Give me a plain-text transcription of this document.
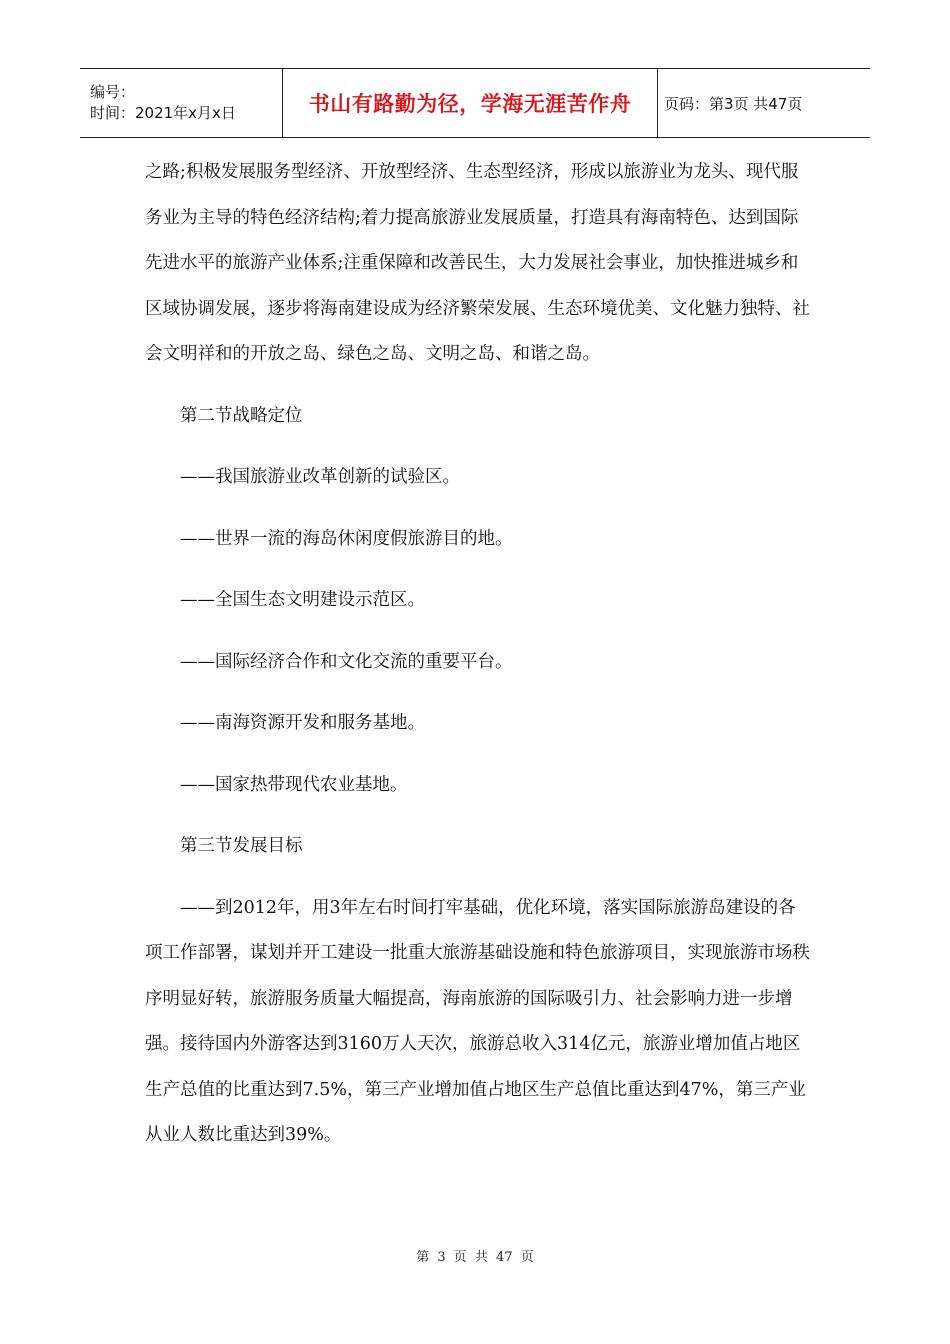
编号：
时间：2021年x月x日	书山有路勤为径，学海无涯苦作舟 页码：第3页 共47页

之路;积极发展服务型经济、开放型经济、生态型经济，形成以旅游业为龙头、现代服务业为主导的特色经济结构;着力提高旅游业发展质量，打造具有海南特色、达到国际先进水平的旅游产业体系;注重保障和改善民生，大力发展社会事业，加快推进城乡和区域协调发展，逐步将海南建设成为经济繁荣发展、生态环境优美、文化魅力独特、社会文明祥和的开放之岛、绿色之岛、文明之岛、和谐之岛。

第二节战略定位

——我国旅游业改革创新的试验区。

——世界一流的海岛休闲度假旅游目的地。

——全国生态文明建设示范区。

——国际经济合作和文化交流的重要平台。

——南海资源开发和服务基地。

——国家热带现代农业基地。

第三节发展目标

——到2012年，用3年左右时间打牢基础，优化环境，落实国际旅游岛建设的各项工作部署，谋划并开工建设一批重大旅游基础设施和特色旅游项目，实现旅游市场秩序明显好转，旅游服务质量大幅提高，海南旅游的国际吸引力、社会影响力进一步增强。接待国内外游客达到3160万人天次，旅游总收入314亿元，旅游业增加值占地区生产总值的比重达到7.5%，第三产业增加值占地区生产总值比重达到47%，第三产业从业人数比重达到39%。

第 3 页 共 47 页
